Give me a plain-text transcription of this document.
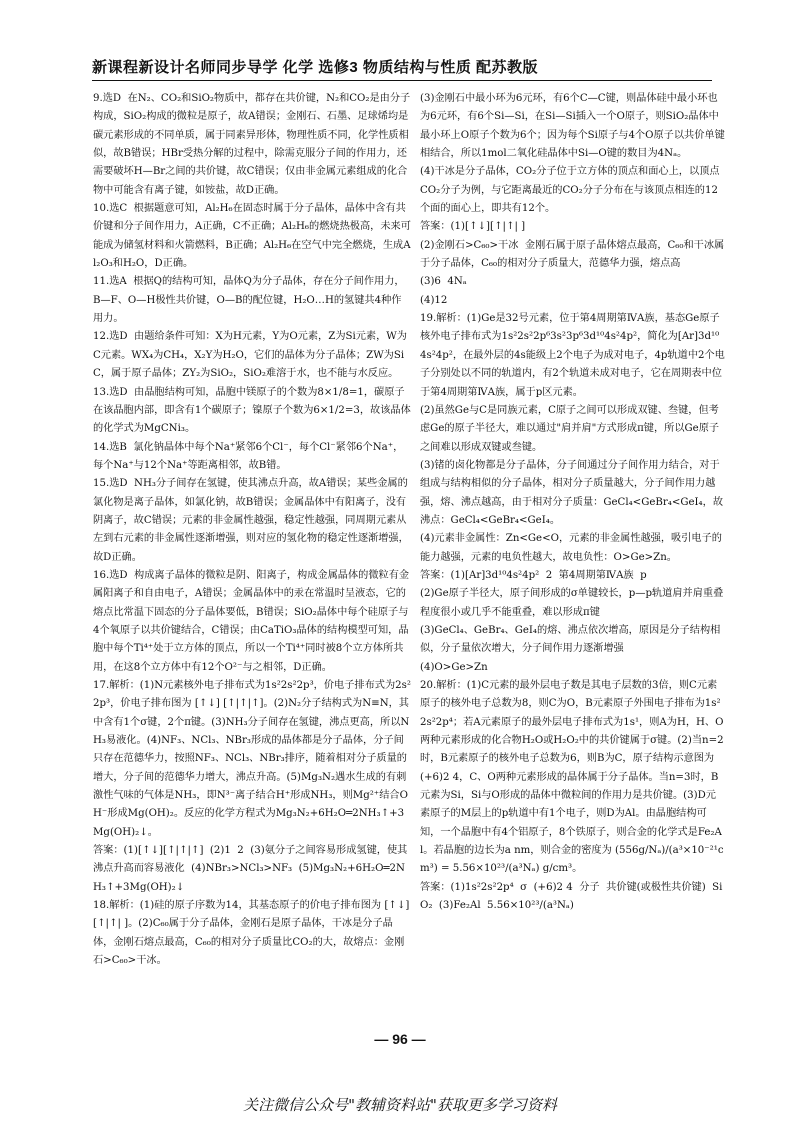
新课程新设计名师同步导学 化学 选修3 物质结构与性质 配苏教版

9.选D  在N₂、CO₂和SiO₂物质中，都存在共价键，N₂和CO₂是由分子构成，SiO₂构成的微粒是原子，故A错误；金刚石、石墨、足球烯均是碳元素形成的不同单质，属于同素异形体，物理性质不同，化学性质相似，故B错误；HBr受热分解的过程中，除需克服分子间的作用力，还需要破坏H—Br之间的共价键，故C错误；仅由非金属元素组成的化合物中可能含有离子键，如铵盐，故D正确。

10.选C  根据题意可知，Al₂H₆在固态时属于分子晶体，晶体中含有共价键和分子间作用力，A正确，C不正确；Al₂H₆的燃烧热极高，未来可能成为储氢材料和火箭燃料，B正确；Al₂H₆在空气中完全燃烧，生成Al₂O₃和H₂O，D正确。

11.选A  根据Q的结构可知，晶体Q为分子晶体，存在分子间作用力，B—F、O—H极性共价键，O—B的配位键，H₂O…H的氢键共4种作用力。

12.选D  由题给条件可知：X为H元素，Y为O元素，Z为Si元素，W为C元素。WX₄为CH₄，X₂Y为H₂O，它们的晶体为分子晶体；ZW为SiC，属于原子晶体；ZY₂为SiO₂，SiO₂难溶于水，也不能与水反应。

13.选D  由晶胞结构可知，晶胞中镁原子的个数为8×1/8=1，碳原子在该晶胞内部，即含有1个碳原子；镍原子个数为6×1/2=3，故该晶体的化学式为MgCNi₃。

14.选B  氯化钠晶体中每个Na⁺紧邻6个Cl⁻，每个Cl⁻紧邻6个Na⁺，每个Na⁺与12个Na⁺等距离相邻，故B错。

15.选D  NH₃分子间存在氢键，使其沸点升高，故A错误；某些金属的氯化物是离子晶体，如氯化钠，故B错误；金属晶体中有阳离子，没有阴离子，故C错误；元素的非金属性越强，稳定性越强，同周期元素从左到右元素的非金属性逐渐增强，则对应的氢化物的稳定性逐渐增强，故D正确。

16.选D  构成离子晶体的微粒是阴、阳离子，构成金属晶体的微粒有金属阳离子和自由电子，A错误；金属晶体中的汞在常温时呈液态，它的熔点比常温下固态的分子晶体要低，B错误；SiO₂晶体中每个硅原子与4个氧原子以共价键结合，C错误；由CaTiO₃晶体的结构模型可知，晶胞中每个Ti⁴⁺处于立方体的顶点，所以一个Ti⁴⁺同时被8个立方体所共用，在这8个立方体中有12个O²⁻与之相邻，D正确。

17.解析：(1)N元素核外电子排布式为1s²2s²2p³，价电子排布式为2s²2p³，价电子排布图为 [↑↓] [↑|↑|↑]。(2)N₂分子结构式为N≡N，其中含有1个σ键，2个π键。(3)NH₃分子间存在氢键，沸点更高，所以NH₃易液化。(4)NF₃、NCl₃、NBr₃形成的晶体都是分子晶体，分子间只存在范德华力，按照NF₃、NCl₃、NBr₃排序，随着相对分子质量的增大，分子间的范德华力增大，沸点升高。(5)Mg₃N₂遇水生成的有刺激性气味的气体是NH₃，即N³⁻离子结合H⁺形成NH₃，则Mg²⁺结合OH⁻形成Mg(OH)₂。反应的化学方程式为Mg₃N₂+6H₂O═2NH₃↑+3Mg(OH)₂↓。

答案：(1)[↑↓][↑|↑|↑]  (2)1  2  (3)氨分子之间容易形成氢键，使其沸点升高而容易液化  (4)NBr₃>NCl₃>NF₃  (5)Mg₃N₂+6H₂O═2NH₃↑+3Mg(OH)₂↓

18.解析：(1)硅的原子序数为14，其基态原子的价电子排布图为 [↑↓] [↑|↑| ]。(2)C₆₀属于分子晶体，金刚石是原子晶体，干冰是分子晶体，金刚石熔点最高，C₆₀的相对分子质量比CO₂的大，故熔点：金刚石>C₆₀>干冰。

(3)金刚石中最小环为6元环，有6个C—C键，则晶体硅中最小环也为6元环，有6个Si—Si，在Si—Si插入一个O原子，则SiO₂晶体中最小环上O原子个数为6个；因为每个Si原子与4个O原子以共价单键相结合，所以1mol二氧化硅晶体中Si—O键的数目为4Nₐ。

(4)干冰是分子晶体，CO₂分子位于立方体的顶点和面心上，以顶点CO₂分子为例，与它距离最近的CO₂分子分布在与该顶点相连的12个面的面心上，即共有12个。

答案：(1)[↑↓][↑|↑| ]

(2)金刚石>C₆₀>干冰  金刚石属于原子晶体熔点最高，C₆₀和干冰属于分子晶体，C₆₀的相对分子质量大，范德华力强，熔点高

(3)6  4Nₐ

(4)12

19.解析：(1)Ge是32号元素，位于第4周期第ⅣA族，基态Ge原子核外电子排布式为1s²2s²2p⁶3s²3p⁶3d¹⁰4s²4p²，简化为[Ar]3d¹⁰4s²4p²，在最外层的4s能级上2个电子为成对电子，4p轨道中2个电子分别处以不同的轨道内，有2个轨道未成对电子，它在周期表中位于第4周期第ⅣA族，属于p区元素。

(2)虽然Ge与C是同族元素，C原子之间可以形成双键、叁键，但考虑Ge的原子半径大，难以通过"肩并肩"方式形成π键，所以Ge原子之间难以形成双键或叁键。

(3)锗的卤化物都是分子晶体，分子间通过分子间作用力结合，对于组成与结构相似的分子晶体，相对分子质量越大，分子间作用力越强，熔、沸点越高，由于相对分子质量：GeCl₄<GeBr₄<GeI₄，故沸点：GeCl₄<GeBr₄<GeI₄。

(4)元素非金属性：Zn<Ge<O，元素的非金属性越强，吸引电子的能力越强，元素的电负性越大，故电负性：O>Ge>Zn。

答案：(1)[Ar]3d¹⁰4s²4p²  2  第4周期第ⅣA族  p

(2)Ge原子半径大，原子间形成的σ单键较长，p—p轨道肩并肩重叠程度很小或几乎不能重叠，难以形成π键

(3)GeCl₄、GeBr₄、GeI₄的熔、沸点依次增高，原因是分子结构相似，分子量依次增大，分子间作用力逐渐增强

(4)O>Ge>Zn

20.解析：(1)C元素的最外层电子数是其电子层数的3倍，则C元素原子的核外电子总数为8，则C为O，B元素原子外围电子排布为1s²2s²2p⁴；若A元素原子的最外层电子排布式为1s¹，则A为H，H、O两种元素形成的化合物H₂O或H₂O₂中的共价键属于σ键。(2)当n=2时，B元素原子的核外电子总数为6，则B为C，原子结构示意图为 (+6)2 4，C、O两种元素形成的晶体属于分子晶体。当n=3时，B元素为Si，Si与O形成的晶体中微粒间的作用力是共价键。(3)D元素原子的M层上的p轨道中有1个电子，则D为Al。由晶胞结构可知，一个晶胞中有4个铝原子，8个铁原子，则合金的化学式是Fe₂Al。若晶胞的边长为a nm，则合金的密度为 (556g/Nₐ)/(a³×10⁻²¹cm³) = 5.56×10²³/(a³Nₐ) g/cm³。

答案：(1)1s²2s²2p⁴  σ  (+6)2 4  分子  共价键(或极性共价键)  SiO₂  (3)Fe₂Al  5.56×10²³/(a³Nₐ)

— 96 —
关注微信公众号"教辅资料站"获取更多学习资料
